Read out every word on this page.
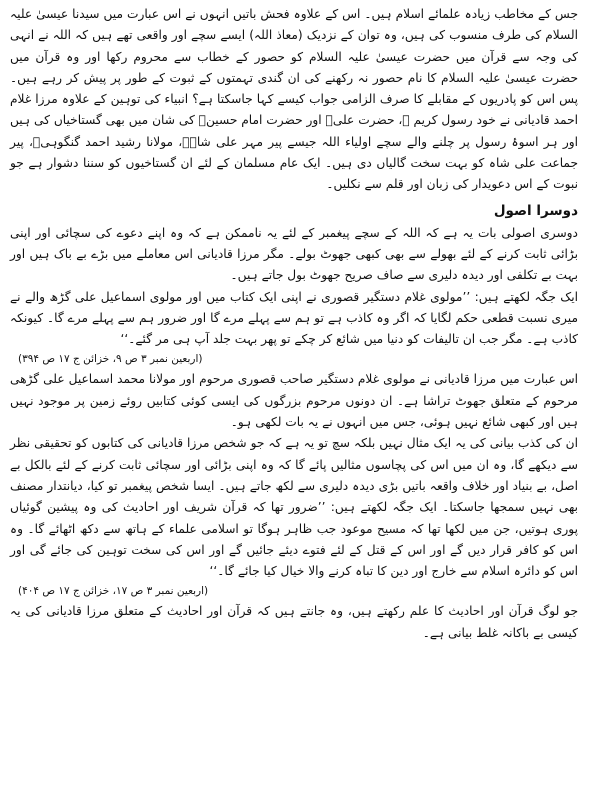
جس کے مخاطب زیادہ علمائے اسلام ہیں۔ اس کے علاوہ فحش باتیں انہوں نے اس عبارت میں سیدنا عیسیٰ علیہ السلام کی طرف منسوب کی ہیں، وہ توان کے نزدیک (معاذ اللہ) ایسے سچے اور واقعی تھے ہیں کہ اللہ نے انہی کی وجہ سے قرآن میں حضرت عیسیٰ علیہ السلام کو حصور کے خطاب سے محروم رکھا اور وہ قرآن میں حضرت عیسیٰ علیہ السلام کا نام حصور نہ رکھنے کی ان گندی تہمتوں کے ثبوت کے طور پر پیش کر رہے ہیں۔ پس اس کو پادریوں کے مقابلے کا صرف الزامی جواب کیسے کہا جاسکتا ہے؟ انبیاء کی توہین کے علاوہ مرزا غلام احمد قادیانی نے خود رسول کریم ﷺ، حضرت علیؓ اور حضرت امام حسینؓ کی شان میں بھی گستاخیاں کی ہیں اور ہر اسوۂ رسول پر چلنے والے سچے اولیاء اللہ جیسے پیر مہر علی شاہؒ، مولانا رشید احمد گنگوہیؒ، پیر جماعت علی شاہ کو بہت سخت گالیاں دی ہیں۔ ایک عام مسلمان کے لئے ان گستاخیوں کو سننا دشوار ہے جو نبوت کے اس دعویدار کی زبان اور قلم سے نکلیں۔

دوسرا اصول

دوسری اصولی بات یہ ہے کہ اللہ کے سچے پیغمبر کے لئے یہ ناممکن ہے کہ وہ اپنے دعوے کی سچائی اور اپنی بڑائی ثابت کرنے کے لئے بھولے سے بھی کبھی جھوٹ بولے۔ مگر مرزا قادیانی اس معاملے میں بڑے بے باک ہیں اور بہت بے تکلفی اور دیدہ دلیری سے صاف صریح جھوٹ بول جاتے ہیں۔

ایک جگہ لکھتے ہیں: ’’مولوی غلام دستگیر قصوری نے اپنی ایک کتاب میں اور مولوی اسماعیل علی گڑھ والے نے میری نسبت قطعی حکم لگایا کہ اگر وہ کاذب ہے تو ہم سے پہلے مرے گا اور ضرور ہم سے پہلے مرے گا۔ کیونکہ کاذب ہے۔ مگر جب ان تالیفات کو دنیا میں شائع کر چکے تو پھر بہت جلد آپ ہی مر گئے۔‘‘

(اربعین نمبر ۳ ص ۹، خزائن ج ۱۷ ص ۳۹۴)

اس عبارت میں مرزا قادیانی نے مولوی غلام دستگیر صاحب قصوری مرحوم اور مولانا محمد اسماعیل علی گڑھی مرحوم کے متعلق جھوٹ تراشا ہے۔ ان دونوں مرحوم بزرگوں کی ایسی کوئی کتابیں روئے زمین پر موجود نہیں ہیں اور کبھی شائع نہیں ہوئی، جس میں انہوں نے یہ بات لکھی ہو۔

ان کی کذب بیانی کی یہ ایک مثال نہیں بلکہ سچ تو یہ ہے کہ جو شخص مرزا قادیانی کی کتابوں کو تحقیقی نظر سے دیکھے گا، وہ ان میں اس کی پچاسوں مثالیں پائے گا کہ وہ اپنی بڑائی اور سچائی ثابت کرنے کے لئے بالکل بے اصل، بے بنیاد اور خلاف واقعہ باتیں بڑی دیدہ دلیری سے لکھ جاتے ہیں۔ ایسا شخص پیغمبر تو کیا، دیانتدار مصنف بھی نہیں سمجھا جاسکتا۔ ایک جگہ لکھتے ہیں: ’’ضرور تھا کہ قرآن شریف اور احادیث کی وہ پیشین گوئیاں پوری ہوتیں، جن میں لکھا تھا کہ مسیح موعود جب ظاہر ہوگا تو اسلامی علماء کے ہاتھ سے دکھ اٹھائے گا۔ وہ اس کو کافر قرار دیں گے اور اس کے قتل کے لئے فتوے دیئے جائیں گے اور اس کی سخت توہین کی جائے گی اور اس کو دائرہ اسلام سے خارج اور دین کا تباہ کرنے والا خیال کیا جائے گا۔‘‘

(اربعین نمبر ۳ ص ۱۷، خزائن ج ۱۷ ص ۴۰۴)

جو لوگ قرآن اور احادیث کا علم رکھتے ہیں، وہ جانتے ہیں کہ قرآن اور احادیث کے متعلق مرزا قادیانی کی یہ کیسی بے باکانہ غلط بیانی ہے۔
